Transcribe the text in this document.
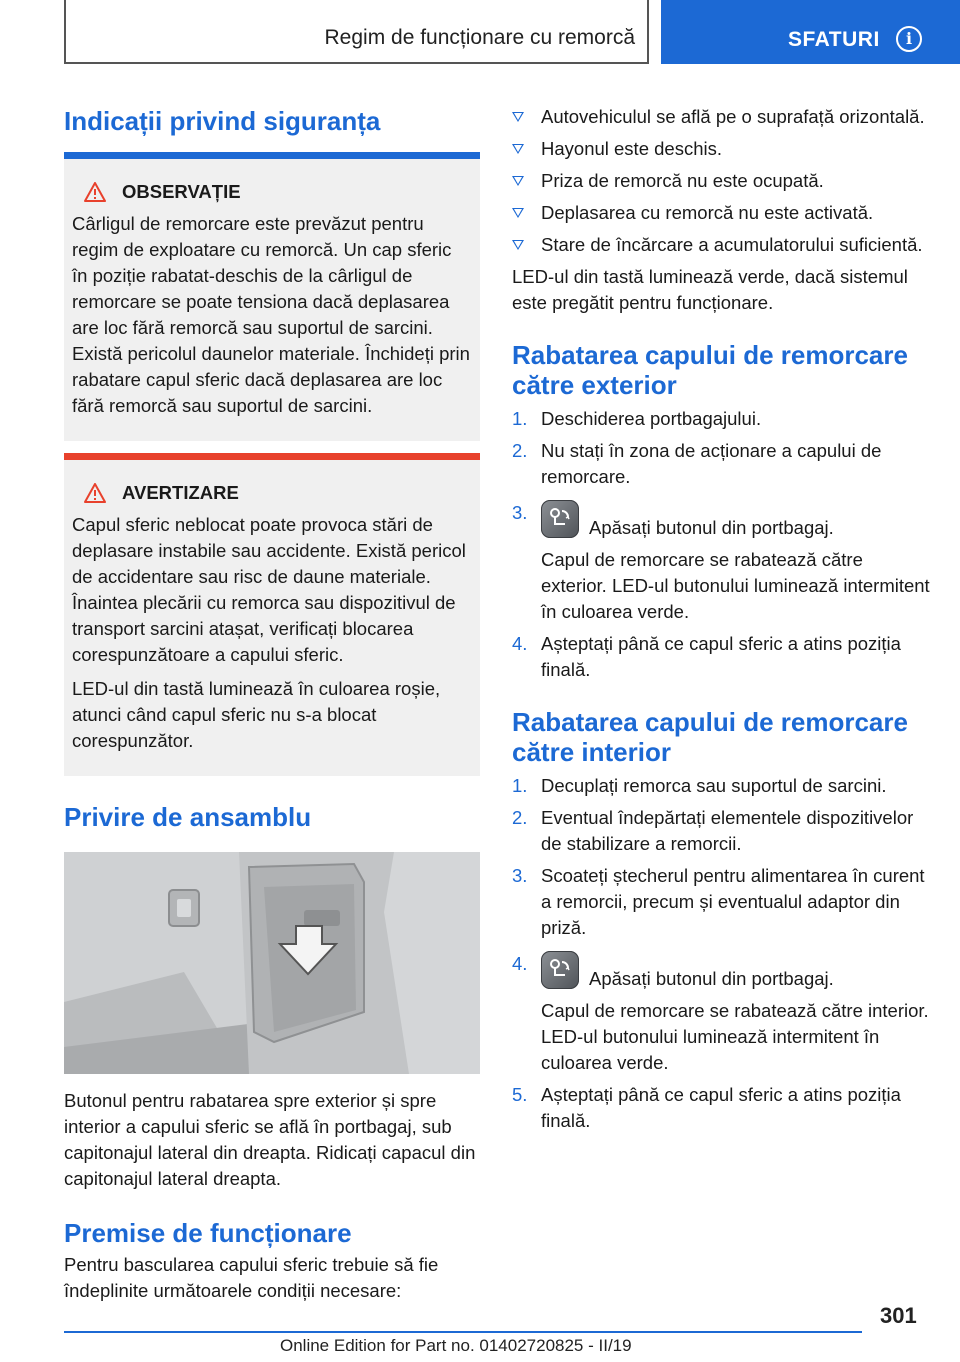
Regim de funcționare cu remorcă	SFATURI	i
Indicații privind siguranța
OBSERVAȚIE

Cârligul de remorcare este prevăzut pentru regim de exploatare cu remorcă. Un cap sferic în poziție rabatat-deschis de la cârligul de remorcare se poate tensiona dacă deplasarea are loc fără remorcă sau suportul de sarcini. Există pericolul daunelor materiale. Închideți prin rabatare capul sferic dacă deplasarea are loc fără remorcă sau suportul de sarcini.

AVERTIZARE

Capul sferic neblocat poate provoca stări de deplasare instabile sau accidente. Există pericol de accidentare sau risc de daune materiale. Înaintea plecării cu remorca sau dispozitivul de transport sarcini atașat, verificați blocarea corespunzătoare a capului sferic.

LED-ul din tastă luminează în culoarea roșie, atunci când capul sferic nu s-a blocat corespunzător.

Privire de ansamblu

Butonul pentru rabatarea spre exterior și spre interior a capului sferic se află în portbagaj, sub capitonajul lateral din dreapta. Ridicați capacul din capitonajul lateral dreapta.

Premise de funcționare

Pentru bascularea capului sferic trebuie să fie îndeplinite următoarele condiții necesare:

Autovehiculul se află pe o suprafață orizontală.
Hayonul este deschis.
Priza de remorcă nu este ocupată.
Deplasarea cu remorcă nu este activată.
Stare de încărcare a acumulatorului suficientă.

LED-ul din tastă luminează verde, dacă sistemul este pregătit pentru funcționare.

Rabatarea capului de remorcare către exterior
1. Deschiderea portbagajului.
2. Nu stați în zona de acționare a capului de remorcare.
3.
Apăsați butonul din portbagaj.

Capul de remorcare se rabatează către exterior. LED-ul butonului luminează intermitent în culoarea verde.

4. Așteptați până ce capul sferic a atins poziția finală.
Rabatarea capului de remorcare către interior
1. Decuplați remorca sau suportul de sarcini.
2. Eventual îndepărtați elementele dispozitivelor de stabilizare a remorcii.
3. Scoateți ștecherul pentru alimentarea în curent a remorcii, precum și eventualul adaptor din priză.
4.
Apăsați butonul din portbagaj.

Capul de remorcare se rabatează către interior. LED-ul butonului luminează intermitent în culoarea verde.

5. Așteptați până ce capul sferic a atins poziția finală.
301
Online Edition for Part no. 01402720825 - II/19
